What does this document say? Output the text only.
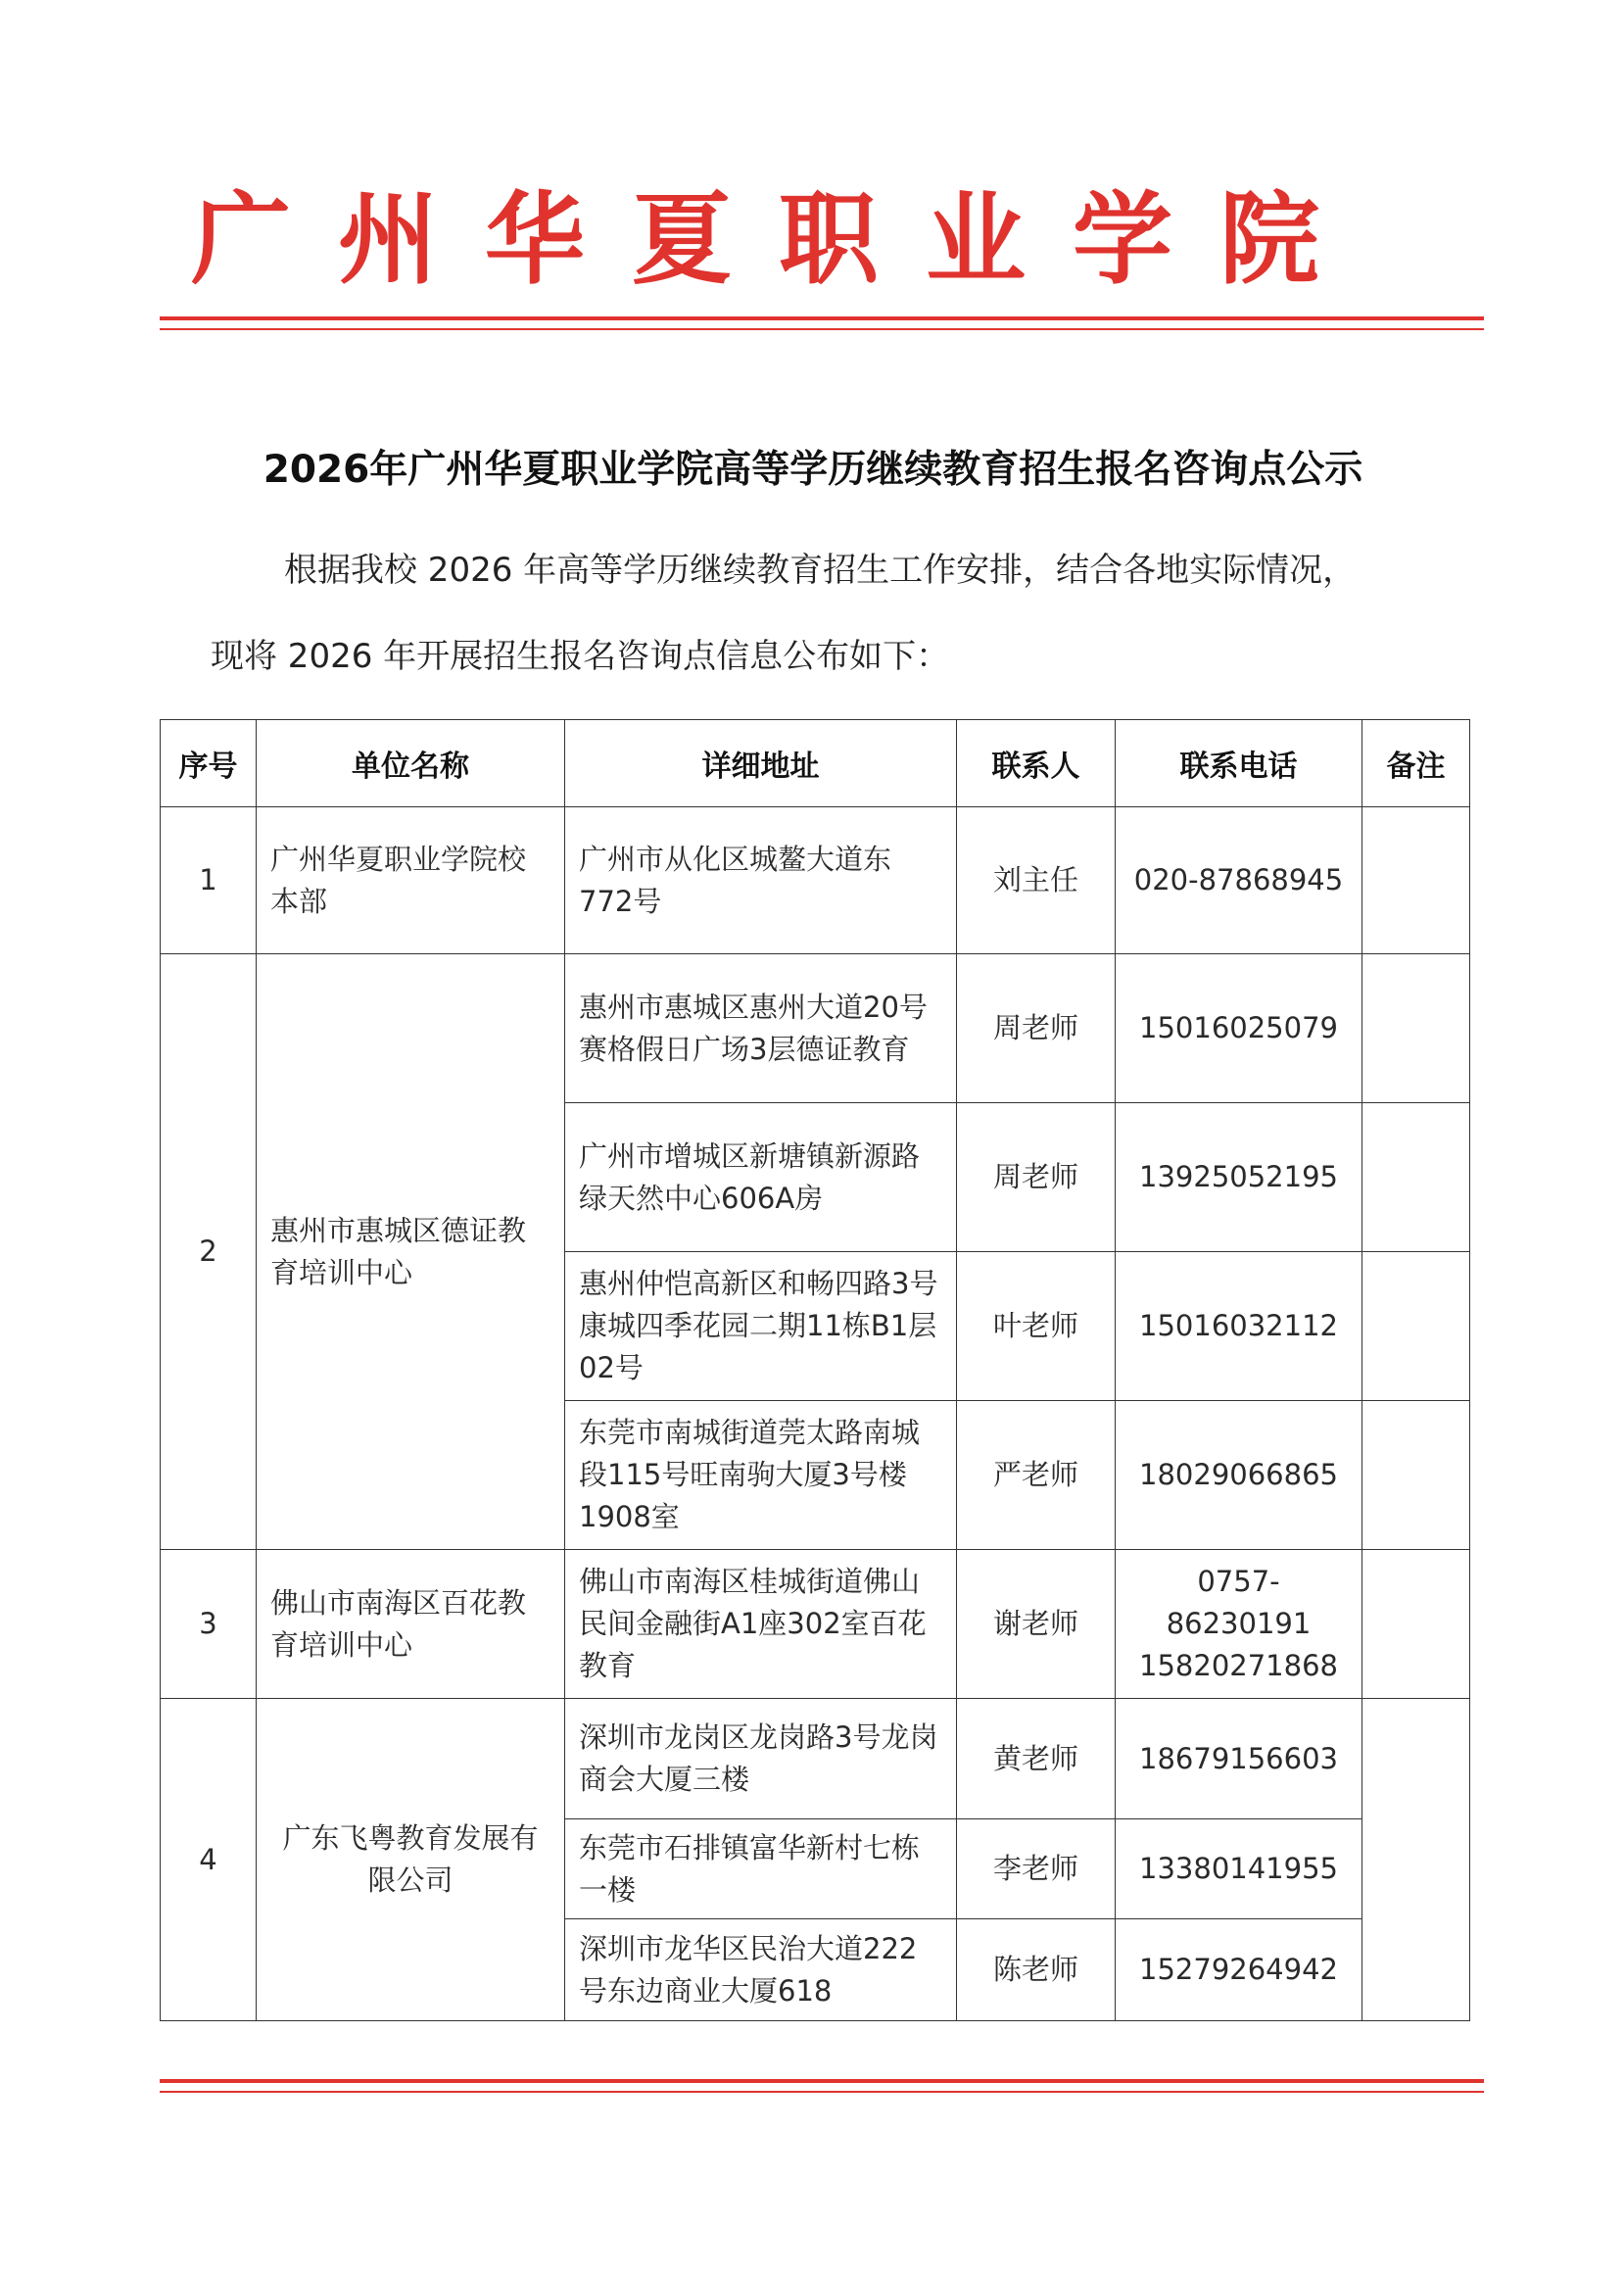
广州华夏职业学院
2026年广州华夏职业学院高等学历继续教育招生报名咨询点公示
根据我校 2026 年高等学历继续教育招生工作安排，结合各地实际情况，
现将 2026 年开展招生报名咨询点信息公布如下：
序号	单位名称	详细地址	联系人	联系电话	备注
1	广州华夏职业学院校本部	广州市从化区城鳌大道东772号	刘主任	020-87868945	
2	惠州市惠城区德证教育培训中心	惠州市惠城区惠州大道20号赛格假日广场3层德证教育	周老师	15016025079	
		广州市增城区新塘镇新源路绿天然中心606A房	周老师	13925052195	
		惠州仲恺高新区和畅四路3号康城四季花园二期11栋B1层02号	叶老师	15016032112	
		东莞市南城街道莞太路南城段115号旺南驹大厦3号楼1908室	严老师	18029066865	
3	佛山市南海区百花教育培训中心	佛山市南海区桂城街道佛山民间金融街A1座302室百花教育	谢老师	0757-86230191
15820271868	

4	广东飞粤教育发展有限公司	深圳市龙岗区龙岗路3号龙岗商会大厦三楼	黄老师	18679156603	
		东莞市石排镇富华新村七栋一楼	李老师	13380141955	
		深圳市龙华区民治大道222号东边商业大厦618	陈老师	15279264942	
